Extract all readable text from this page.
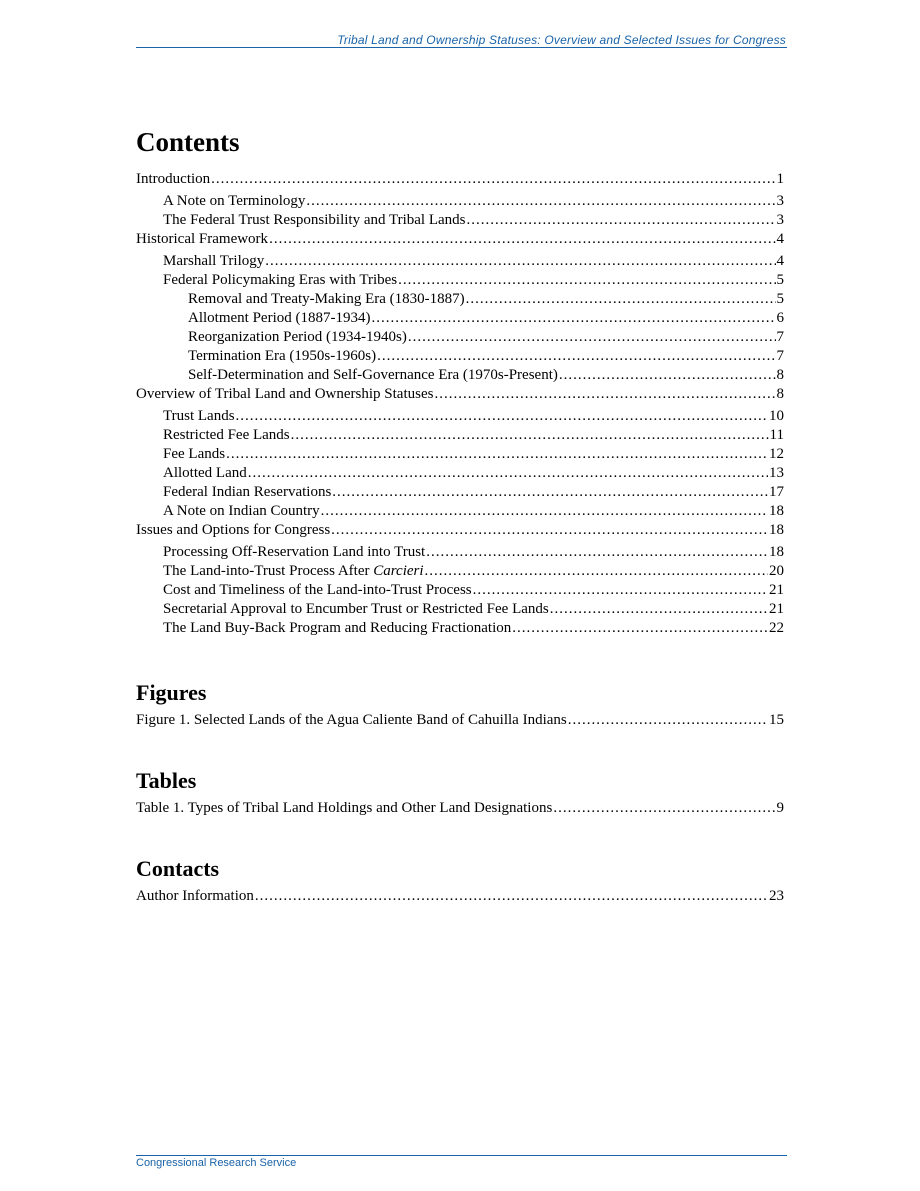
Tribal Land and Ownership Statuses: Overview and Selected Issues for Congress
Contents
Introduction .....	1
A Note on Terminology .....	3
The Federal Trust Responsibility and Tribal Lands .....	3
Historical Framework .....	4
Marshall Trilogy .....	4
Federal Policymaking Eras with Tribes .....	5
Removal and Treaty-Making Era (1830-1887) .....	5
Allotment Period (1887-1934) .....	6
Reorganization Period (1934-1940s) .....	7
Termination Era (1950s-1960s) .....	7
Self-Determination and Self-Governance Era (1970s-Present) .....	8
Overview of Tribal Land and Ownership Statuses .....	8
Trust Lands .....	10
Restricted Fee Lands .....	11
Fee Lands .....	12
Allotted Land .....	13
Federal Indian Reservations .....	17
A Note on Indian Country .....	18
Issues and Options for Congress .....	18
Processing Off-Reservation Land into Trust .....	18
The Land-into-Trust Process After Carcieri .....	20
Cost and Timeliness of the Land-into-Trust Process .....	21
Secretarial Approval to Encumber Trust or Restricted Fee Lands .....	21
The Land Buy-Back Program and Reducing Fractionation .....	22
Figures
Figure 1. Selected Lands of the Agua Caliente Band of Cahuilla Indians .....	15
Tables
Table 1. Types of Tribal Land Holdings and Other Land Designations .....	9
Contacts
Author Information .....	23
Congressional Research Service
